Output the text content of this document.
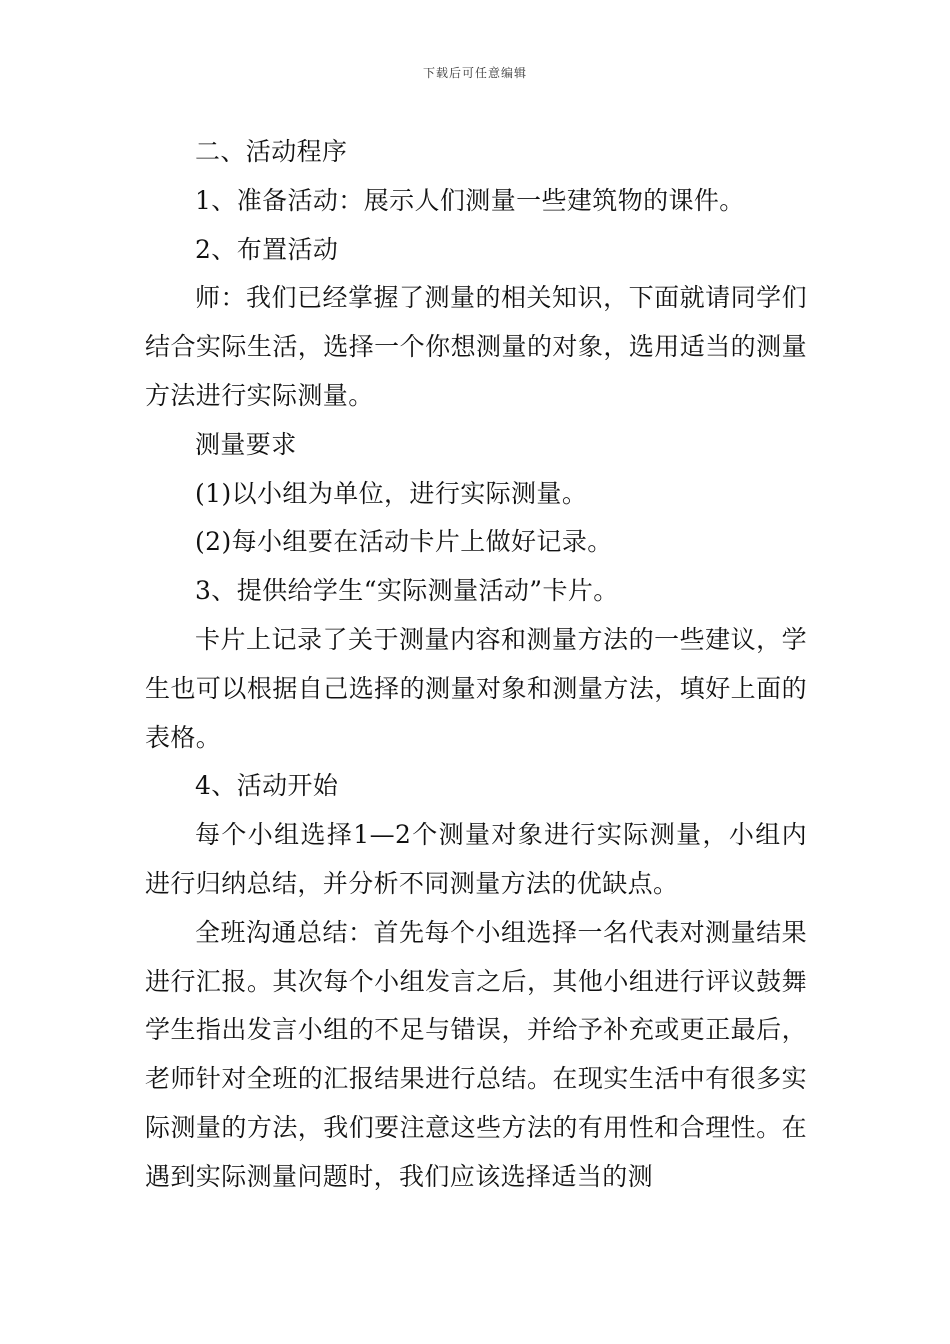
下载后可任意编辑

二、活动程序

1、准备活动：展示人们测量一些建筑物的课件。

2、布置活动

师：我们已经掌握了测量的相关知识，下面就请同学们结合实际生活，选择一个你想测量的对象，选用适当的测量方法进行实际测量。

测量要求

(1)以小组为单位，进行实际测量。

(2)每小组要在活动卡片上做好记录。

3、提供给学生“实际测量活动”卡片。

卡片上记录了关于测量内容和测量方法的一些建议，学生也可以根据自己选择的测量对象和测量方法，填好上面的表格。

4、活动开始

每个小组选择1—2个测量对象进行实际测量，小组内进行归纳总结，并分析不同测量方法的优缺点。

全班沟通总结：首先每个小组选择一名代表对测量结果进行汇报。其次每个小组发言之后，其他小组进行评议鼓舞学生指出发言小组的不足与错误，并给予补充或更正最后，老师针对全班的汇报结果进行总结。在现实生活中有很多实际测量的方法，我们要注意这些方法的有用性和合理性。在遇到实际测量问题时，我们应该选择适当的测
